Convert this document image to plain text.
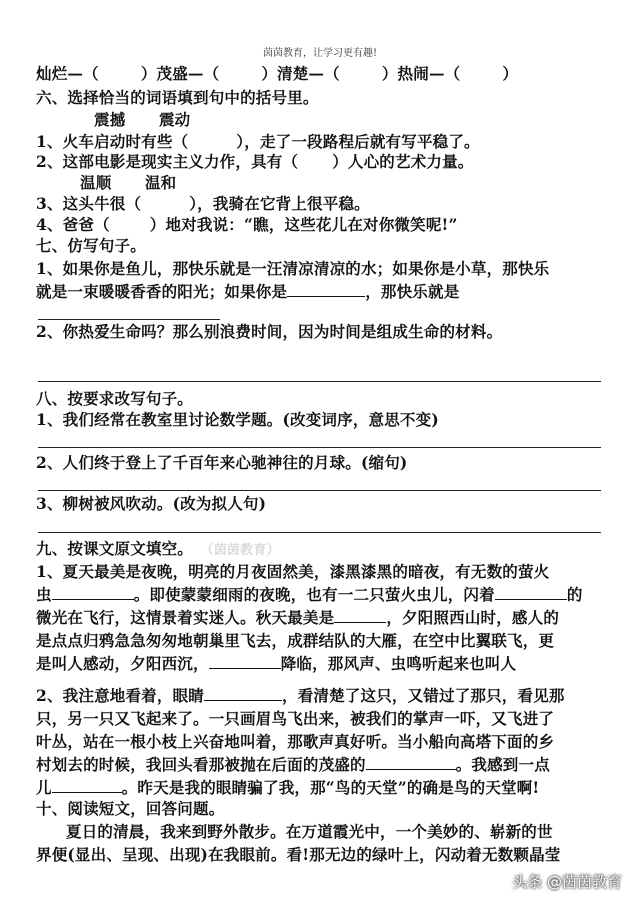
茵茵教育，让学习更有趣!
灿烂—（	）茂盛—（	）清楚—（	）热闹—（	）
六、选择恰当的词语填到句中的括号里。
震撼      震动
1、火车启动时有些（	），走了一段路程后就有写平稳了。
2、这部电影是现实主义力作，具有（ ）人心的艺术力量。
温顺      温和
3、这头牛很（	），我骑在它背上很平稳。
4、爸爸（	）地对我说：“瞧，这些花儿在对你微笑呢!”
七、仿写句子。
1、如果你是鱼儿，那快乐就是一汪清凉清凉的水；如果你是小草，那快乐
就是一束暖暖香香的阳光；如果你是	，那快乐就是
2、你热爱生命吗？那么别浪费时间，因为时间是组成生命的材料。
八、按要求改写句子。
1、我们经常在教室里讨论数学题。(改变词序，意思不变)
2、人们终于登上了千百年来心驰神往的月球。(缩句)
3、柳树被风吹动。(改为拟人句)
九、按课文原文填空。 （茵茵教育）
1、夏天最美是夜晚，明亮的月夜固然美，漆黑漆黑的暗夜，有无数的萤火
虫	。即使蒙蒙细雨的夜晚，也有一二只萤火虫儿，闪着	的
微光在飞行，这情景着实迷人。秋天最美是	，夕阳照西山时，感人的
是点点归鸦急急匆匆地朝巢里飞去，成群结队的大雁，在空中比翼联飞，更
是叫人感动，夕阳西沉，	降临，那风声、虫鸣听起来也叫人
2、我注意地看着，眼睛	，看清楚了这只，又错过了那只，看见那
只，另一只又飞起来了。一只画眉鸟飞出来，被我们的掌声一吓，又飞进了
叶丛，站在一根小枝上兴奋地叫着，那歌声真好听。当小船向高塔下面的乡
村划去的时候，我回头看那被抛在后面的茂盛的	。我感到一点
儿	。昨天是我的眼睛骗了我，那“鸟的天堂”的确是鸟的天堂啊!
十、阅读短文，回答问题。
夏日的清晨，我来到野外散步。在万道霞光中，一个美妙的、崭新的世
界便(显出、呈现、出现)在我眼前。看!那无边的绿叶上，闪动着无数颗晶莹
头条 @茵茵教育
